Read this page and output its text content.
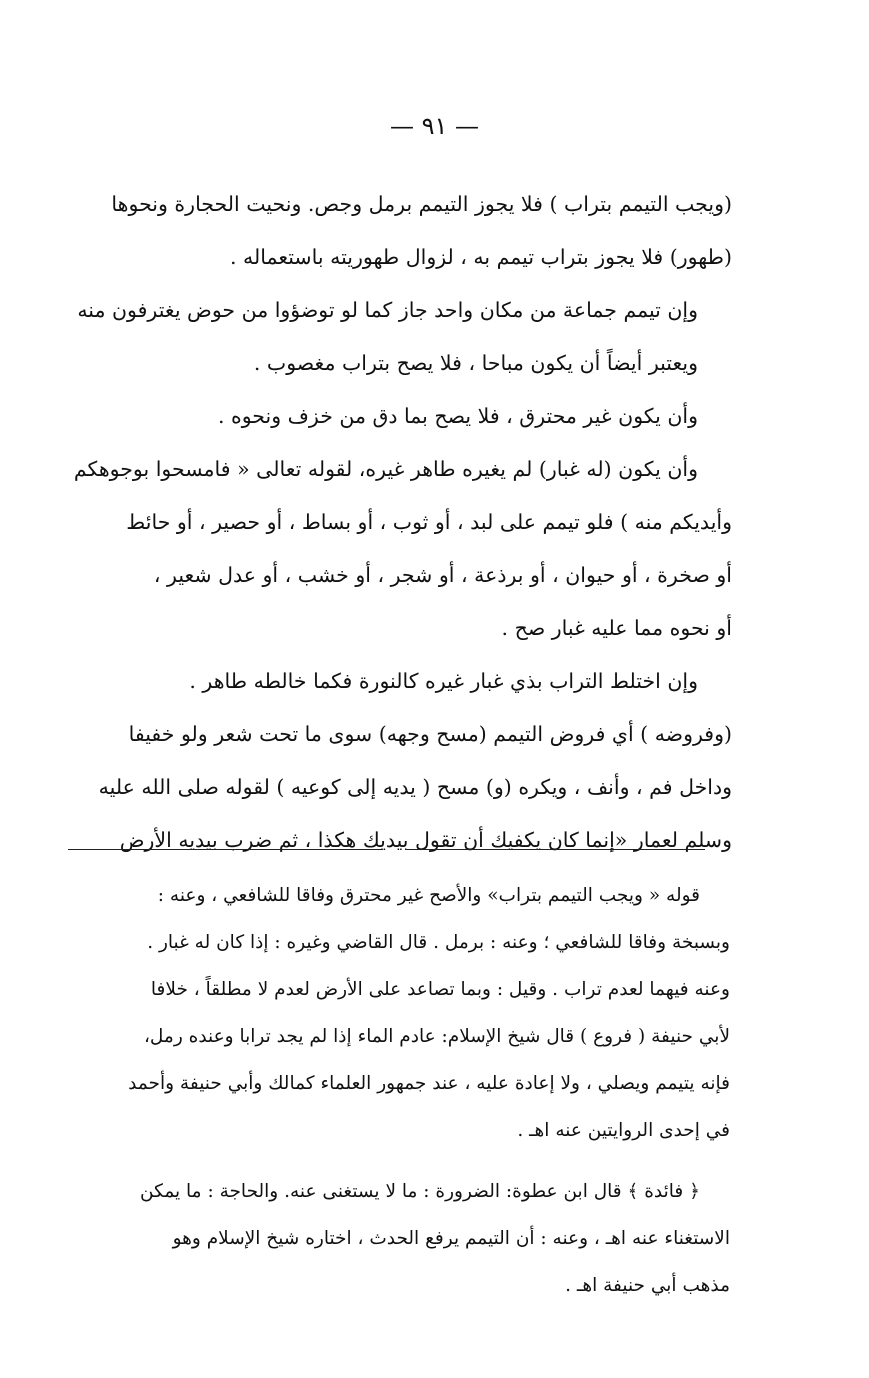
— ٩١ —
(ويجب التيمم بتراب ) فلا يجوز التيمم برمل وجص. ونحيت الحجارة ونحوها
(طهور) فلا يجوز بتراب تيمم به ، لزوال طهوريته باستعماله .
وإن تيمم جماعة من مكان واحد جاز كما لو توضؤوا من حوض يغترفون منه
ويعتبر أيضاً أن يكون مباحا ، فلا يصح بتراب مغصوب .
وأن يكون غير محترق ، فلا يصح بما دق من خزف ونحوه .
وأن يكون (له غبار) لم يغيره طاهر غيره، لقوله تعالى « فامسحوا بوجوهكم
وأيديكم منه ) فلو تيمم على لبد ، أو ثوب ، أو بساط ، أو حصير ، أو حائط
أو صخرة ، أو حيوان ، أو برذعة ، أو شجر ، أو خشب ، أو عدل شعير ،
أو نحوه مما عليه غبار صح .
وإن اختلط التراب بذي غبار غيره كالنورة فكما خالطه طاهر .
(وفروضه ) أي فروض التيمم (مسح وجهه) سوى ما تحت شعر ولو خفيفا
وداخل فم ، وأنف ، ويكره (و) مسح ( يديه إلى كوعيه ) لقوله صلى الله عليه
وسلم لعمار «إنما كان يكفيك أن تقول بيديك هكذا ، ثم ضرب بيديه الأرض
قوله « ويجب التيمم بتراب» والأصح غير محترق وفاقا للشافعي ، وعنه :
وبسبخة وفاقا للشافعي ؛ وعنه : برمل . قال القاضي وغيره : إذا كان له غبار .
وعنه فيهما لعدم تراب . وقيل : وبما تصاعد على الأرض لعدم لا مطلقاً ، خلافا
لأبي حنيفة ( فروع ) قال شيخ الإسلام: عادم الماء إذا لم يجد ترابا وعنده رمل،
فإنه يتيمم ويصلي ، ولا إعادة عليه ، عند جمهور العلماء كمالك وأبي حنيفة وأحمد
في إحدى الروايتين عنه اهـ .
﴿ فائدة ﴾ قال ابن عطوة: الضرورة : ما لا يستغنى عنه. والحاجة : ما يمكن
الاستغناء عنه اهـ ، وعنه : أن التيمم يرفع الحدث ، اختاره شيخ الإسلام وهو
مذهب أبي حنيفة اهـ .
